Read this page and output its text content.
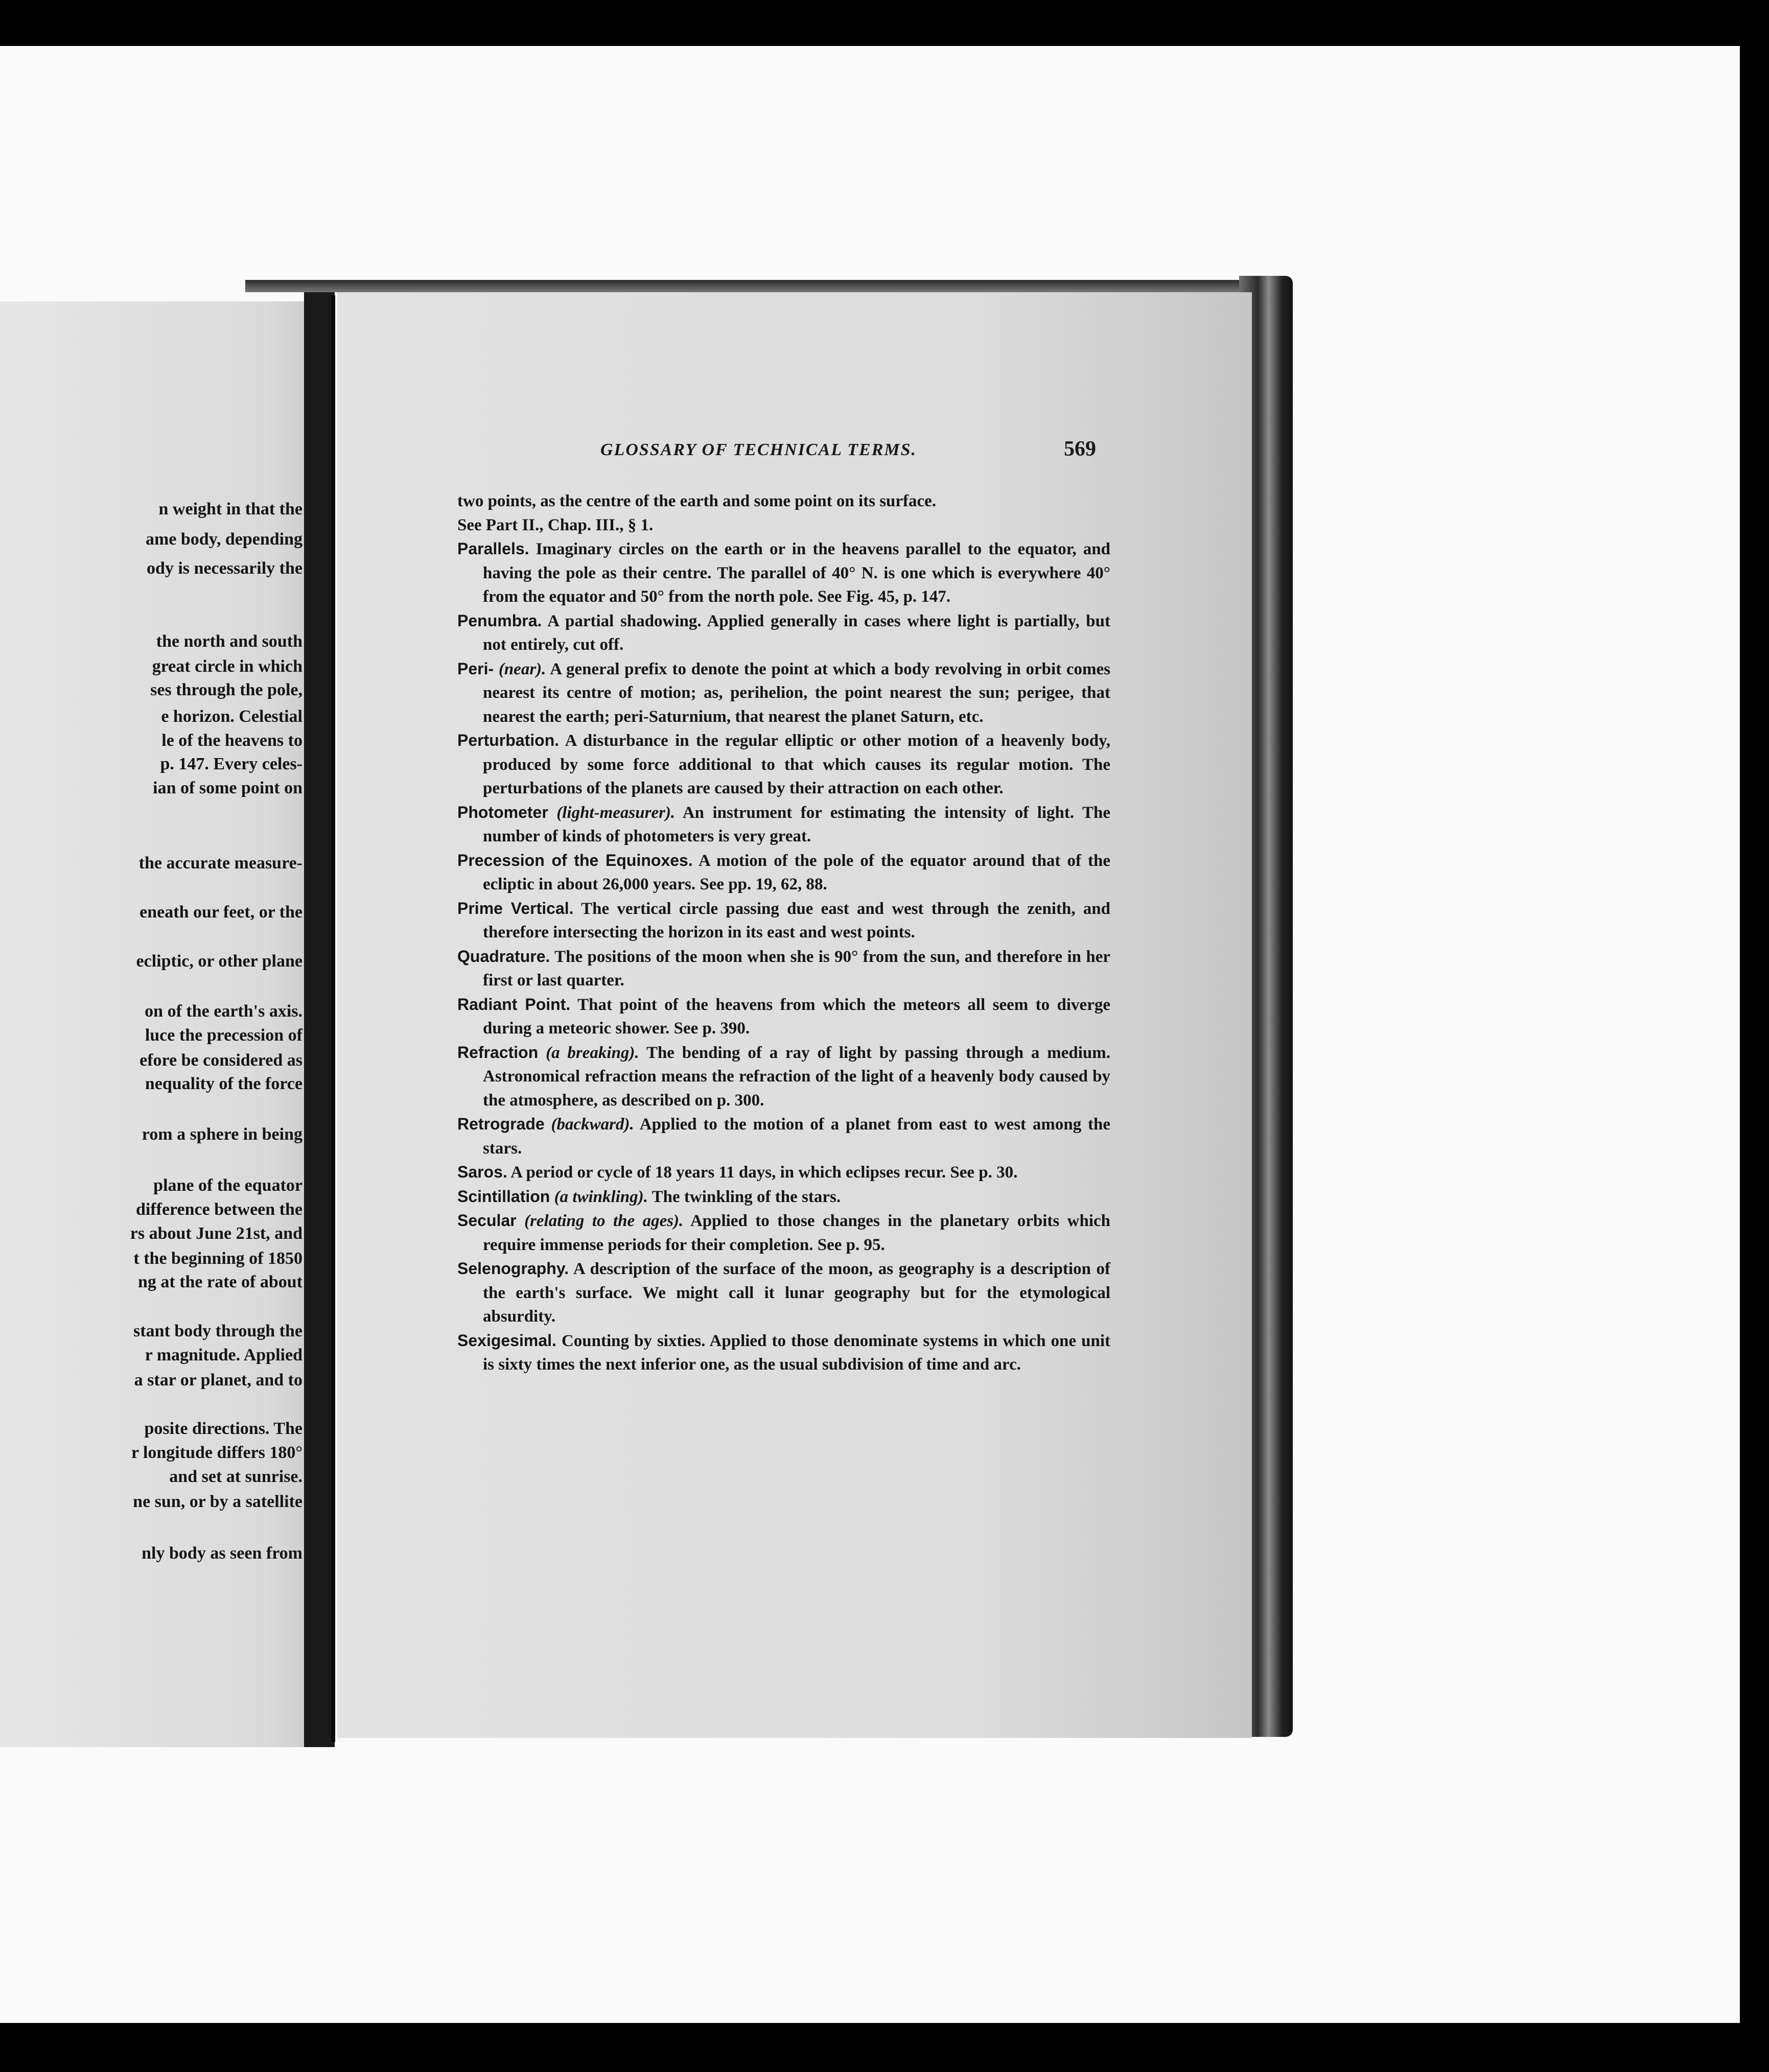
n weight in that the
ame body, depending
ody is necessarily the
the north and south
great circle in which
ses through the pole,
e horizon. Celestial
le of the heavens to
p. 147. Every celes-
ian of some point on
the accurate measure-
eneath our feet, or the
ecliptic, or other plane
on of the earth's axis.
luce the precession of
efore be considered as
nequality of the force
rom a sphere in being
plane of the equator
difference between the
rs about June 21st, and
t the beginning of 1850
ng at the rate of about
stant body through the
r magnitude. Applied
a star or planet, and to
posite directions. The
r longitude differs 180°
and set at sunrise.
ne sun, or by a satellite
nly body as seen from
GLOSSARY OF TECHNICAL TERMS.	569
two points, as the centre of the earth and some point on its surface.
See Part II., Chap. III., § 1.
Parallels. Imaginary circles on the earth or in the heavens parallel to the equator, and having the pole as their centre. The parallel of 40° N. is one which is everywhere 40° from the equator and 50° from the north pole. See Fig. 45, p. 147.
Penumbra. A partial shadowing. Applied generally in cases where light is partially, but not entirely, cut off.
Peri- (near). A general prefix to denote the point at which a body revolving in orbit comes nearest its centre of motion; as, perihelion, the point nearest the sun; perigee, that nearest the earth; peri-Saturnium, that nearest the planet Saturn, etc.
Perturbation. A disturbance in the regular elliptic or other motion of a heavenly body, produced by some force additional to that which causes its regular motion. The perturbations of the planets are caused by their attraction on each other.
Photometer (light-measurer). An instrument for estimating the intensity of light. The number of kinds of photometers is very great.
Precession of the Equinoxes. A motion of the pole of the equator around that of the ecliptic in about 26,000 years. See pp. 19, 62, 88.
Prime Vertical. The vertical circle passing due east and west through the zenith, and therefore intersecting the horizon in its east and west points.
Quadrature. The positions of the moon when she is 90° from the sun, and therefore in her first or last quarter.
Radiant Point. That point of the heavens from which the meteors all seem to diverge during a meteoric shower. See p. 390.
Refraction (a breaking). The bending of a ray of light by passing through a medium. Astronomical refraction means the refraction of the light of a heavenly body caused by the atmosphere, as described on p. 300.
Retrograde (backward). Applied to the motion of a planet from east to west among the stars.
Saros. A period or cycle of 18 years 11 days, in which eclipses recur. See p. 30.
Scintillation (a twinkling). The twinkling of the stars.
Secular (relating to the ages). Applied to those changes in the planetary orbits which require immense periods for their completion. See p. 95.
Selenography. A description of the surface of the moon, as geography is a description of the earth's surface. We might call it lunar geography but for the etymological absurdity.
Sexigesimal. Counting by sixties. Applied to those denominate systems in which one unit is sixty times the next inferior one, as the usual subdivision of time and arc.
